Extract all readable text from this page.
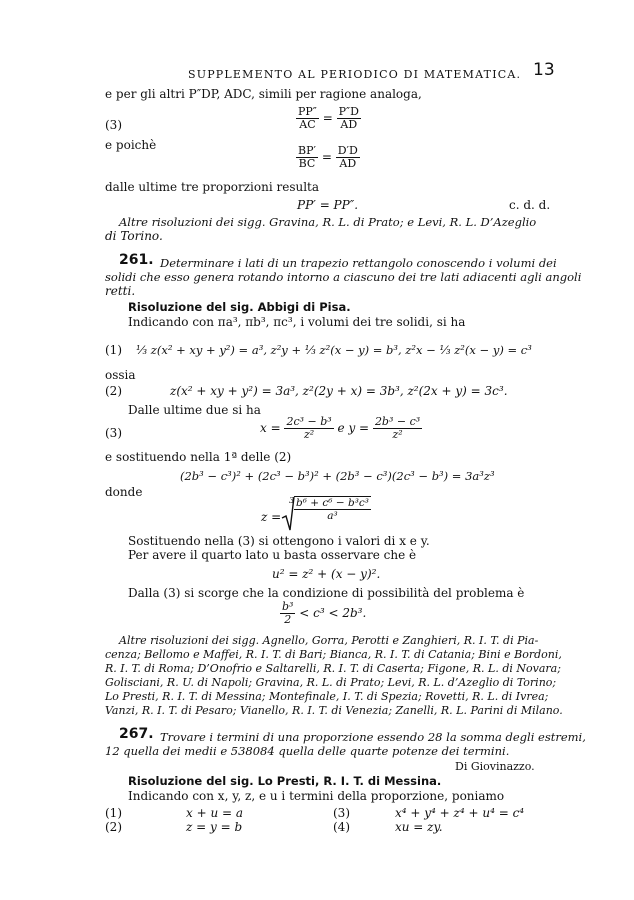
SUPPLEMENTO AL PERIODICO DI MATEMATICA. 13
e per gli altri P″DP, ADC, simili per ragione analoga,
(3)	$\frac{PP''}{AC} = \frac{P''D}{AD}$
e poichè	$\frac{BP'}{BC} = \frac{D'D}{AD}$
dalle ultime tre proporzioni resulta
PP′ = PP″.	c. d. d.
Altre risoluzioni dei sigg. Gravina, R. L. di Prato; e Levi, R. L. D’Azeglio
di Torino.
261. Determinare i lati di un trapezio rettangolo conoscendo i volumi dei
solidi che esso genera rotando intorno a ciascuno dei tre lati adiacenti agli angoli
retti.
Risoluzione del sig. Abbigi di Pisa.
Indicando con πa³, πb³, πc³, i volumi dei tre solidi, si ha
(1) ¹⁄₃ z(x² + xy + y²) = a³, z²y + ¹⁄₃ z²(x − y) = b³, z²x − ¹⁄₃ z²(x − y) = c³
ossia
(2)	z(x² + xy + y²) = 3a³, z²(2y + x) = 3b³, z²(2x + y) = 3c³.
Dalle ultime due si ha
(3)	$x = \frac{\text{2c³ − b³}}{\text{z²}}$ e $y = \frac{\text{2b³ − c³}}{\text{z²}}$
e sostituendo nella 1ª delle (2)
(2b³ − c³)² + (2c³ − b³)² + (2b³ − c³)(2c³ − b³) = 3a³z³
donde
3
$z = \frac{\text{b⁶ + c⁶ − b³c³}}{\text{a³}}$
Sostituendo nella (3) si ottengono i valori di x e y.
Per avere il quarto lato u basta osservare che è
u² = z² + (x − y)².
Dalla (3) si scorge che la condizione di possibilità del problema è
$\frac{\text{b³}}{2} < c^3 < 2b^3$.
Altre risoluzioni dei sigg. Agnello, Gorra, Perotti e Zanghieri, R. I. T. di Pia-
cenza; Bellomo e Maffei, R. I. T. di Bari; Bianca, R. I. T. di Catania; Bini e Bordoni,
R. I. T. di Roma; D’Onofrio e Saltarelli, R. I. T. di Caserta; Figone, R. L. di Novara;
Golisciani, R. U. di Napoli; Gravina, R. L. di Prato; Levi, R. L. d’Azeglio di Torino;
Lo Presti, R. I. T. di Messina; Montefinale, I. T. di Spezia; Rovetti, R. L. di Ivrea;
Vanzi, R. I. T. di Pesaro; Vianello, R. I. T. di Venezia; Zanelli, R. L. Parini di Milano.
267. Trovare i termini di una proporzione essendo 28 la somma degli estremi,
12 quella dei medii e 538084 quella delle quarte potenze dei termini.
Di Giovinazzo.
Risoluzione del sig. Lo Presti, R. I. T. di Messina.
Indicando con x, y, z, e u i termini della proporzione, poniamo
(1)	x + u = a	(3)	x⁴ + y⁴ + z⁴ + u⁴ = c⁴
(2)	z = y = b	(4)	xu = zy.
